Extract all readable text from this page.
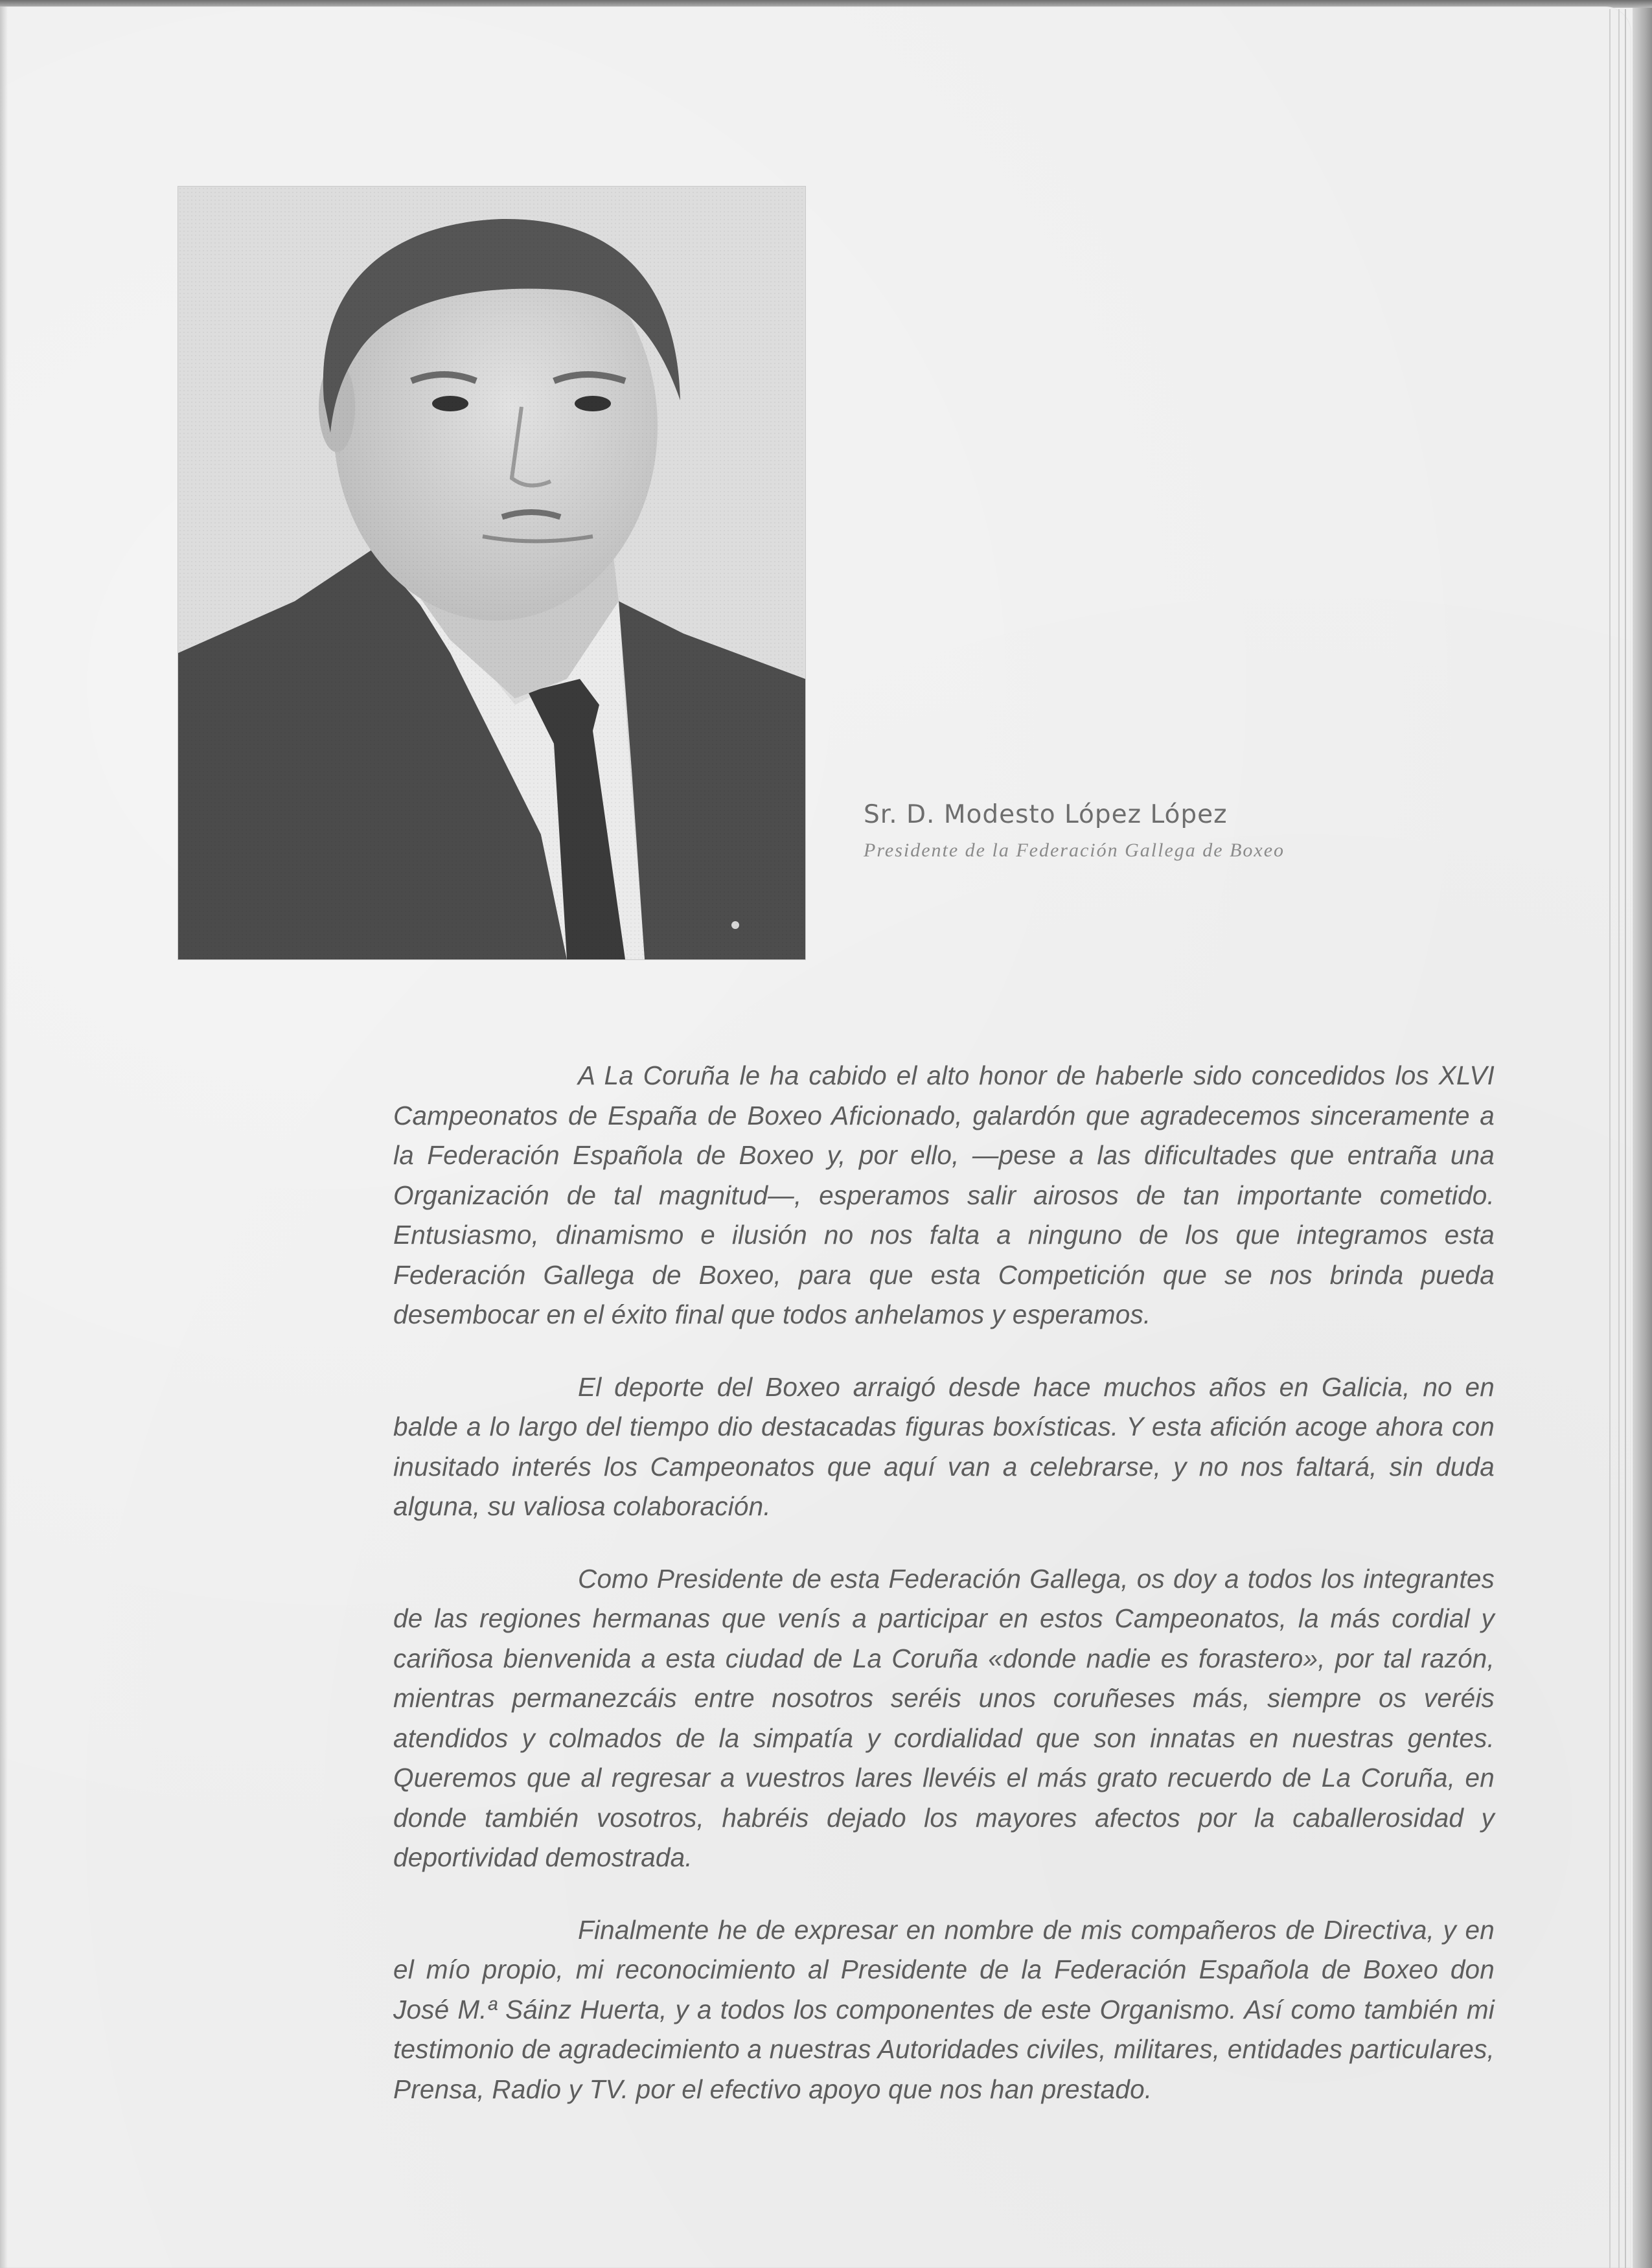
Sr. D. Modesto López López
Presidente de la Federación Gallega de Boxeo

A La Coruña le ha cabido el alto honor de haberle sido concedidos los XLVI Campeonatos de España de Boxeo Aficionado, galardón que agradecemos sinceramente a la Federación Española de Boxeo y, por ello, —pese a las dificultades que entraña una Organización de tal magnitud—, esperamos salir airosos de tan importante cometido. Entusiasmo, dinamismo e ilusión no nos falta a ninguno de los que integramos esta Federación Gallega de Boxeo, para que esta Competición que se nos brinda pueda desembocar en el éxito final que todos anhelamos y esperamos.

El deporte del Boxeo arraigó desde hace muchos años en Galicia, no en balde a lo largo del tiempo dio destacadas figuras boxísticas. Y esta afición acoge ahora con inusitado interés los Campeonatos que aquí van a celebrarse, y no nos faltará, sin duda alguna, su valiosa colaboración.

Como Presidente de esta Federación Gallega, os doy a todos los integrantes de las regiones hermanas que venís a participar en estos Campeonatos, la más cordial y cariñosa bienvenida a esta ciudad de La Coruña «donde nadie es forastero», por tal razón, mientras permanezcáis entre nosotros seréis unos coruñeses más, siempre os veréis atendidos y colmados de la simpatía y cordialidad que son innatas en nuestras gentes. Queremos que al regresar a vuestros lares llevéis el más grato recuerdo de La Coruña, en donde también vosotros, habréis dejado los mayores afectos por la caballerosidad y deportividad demostrada.

Finalmente he de expresar en nombre de mis compañeros de Directiva, y en el mío propio, mi reconocimiento al Presidente de la Federación Española de Boxeo don José M.ª Sáinz Huerta, y a todos los componentes de este Organismo. Así como también mi testimonio de agradecimiento a nuestras Autoridades civiles, militares, entidades particulares, Prensa, Radio y TV. por el efectivo apoyo que nos han prestado.
